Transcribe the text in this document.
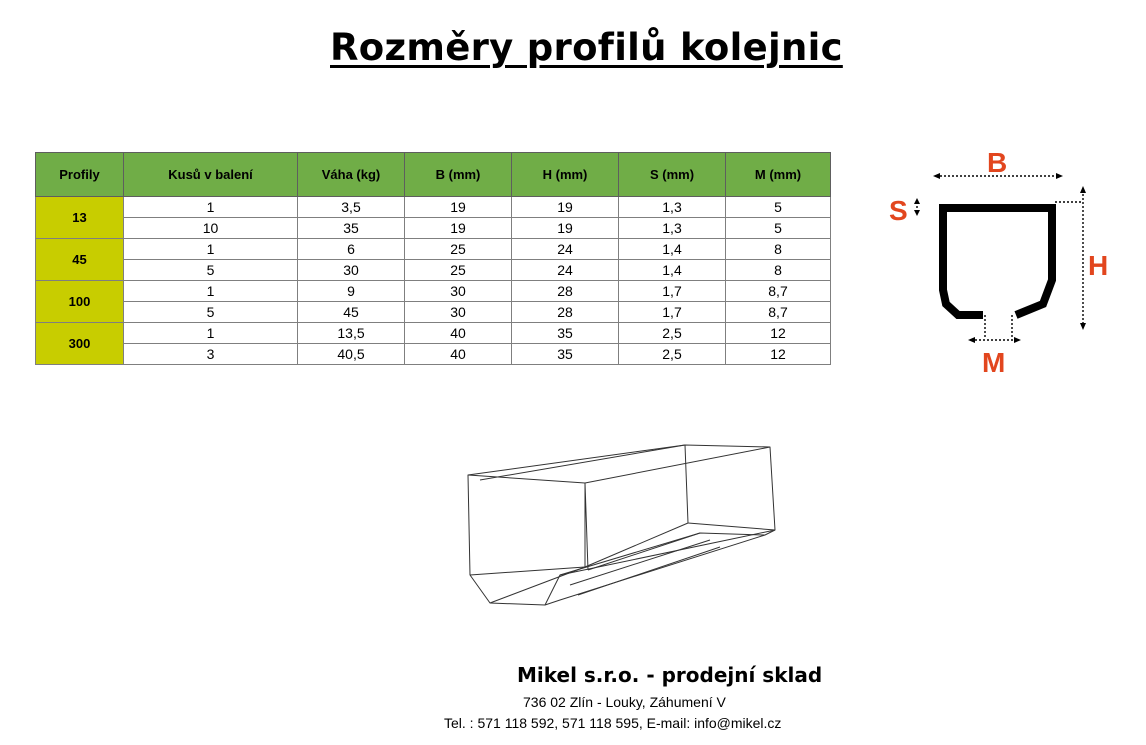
Rozměry profilů kolejnic
Profily	Kusů v balení	Váha (kg)	B (mm)	H (mm)	S (mm)	M (mm)
13	1	3,5	19	19	1,3	5
	10	35	19	19	1,3	5
45	1	6	25	24	1,4	8
	5	30	25	24	1,4	8
100	1	9	30	28	1,7	8,7
	5	45	30	28	1,7	8,7
300	1	13,5	40	35	2,5	12
	3	40,5	40	35	2,5	12
B
S
H
M
Mikel s.r.o. - prodejní sklad
736 02 Zlín - Louky, Záhumení V
Tel. : 571 118 592, 571 118 595, E-mail: info@mikel.cz
